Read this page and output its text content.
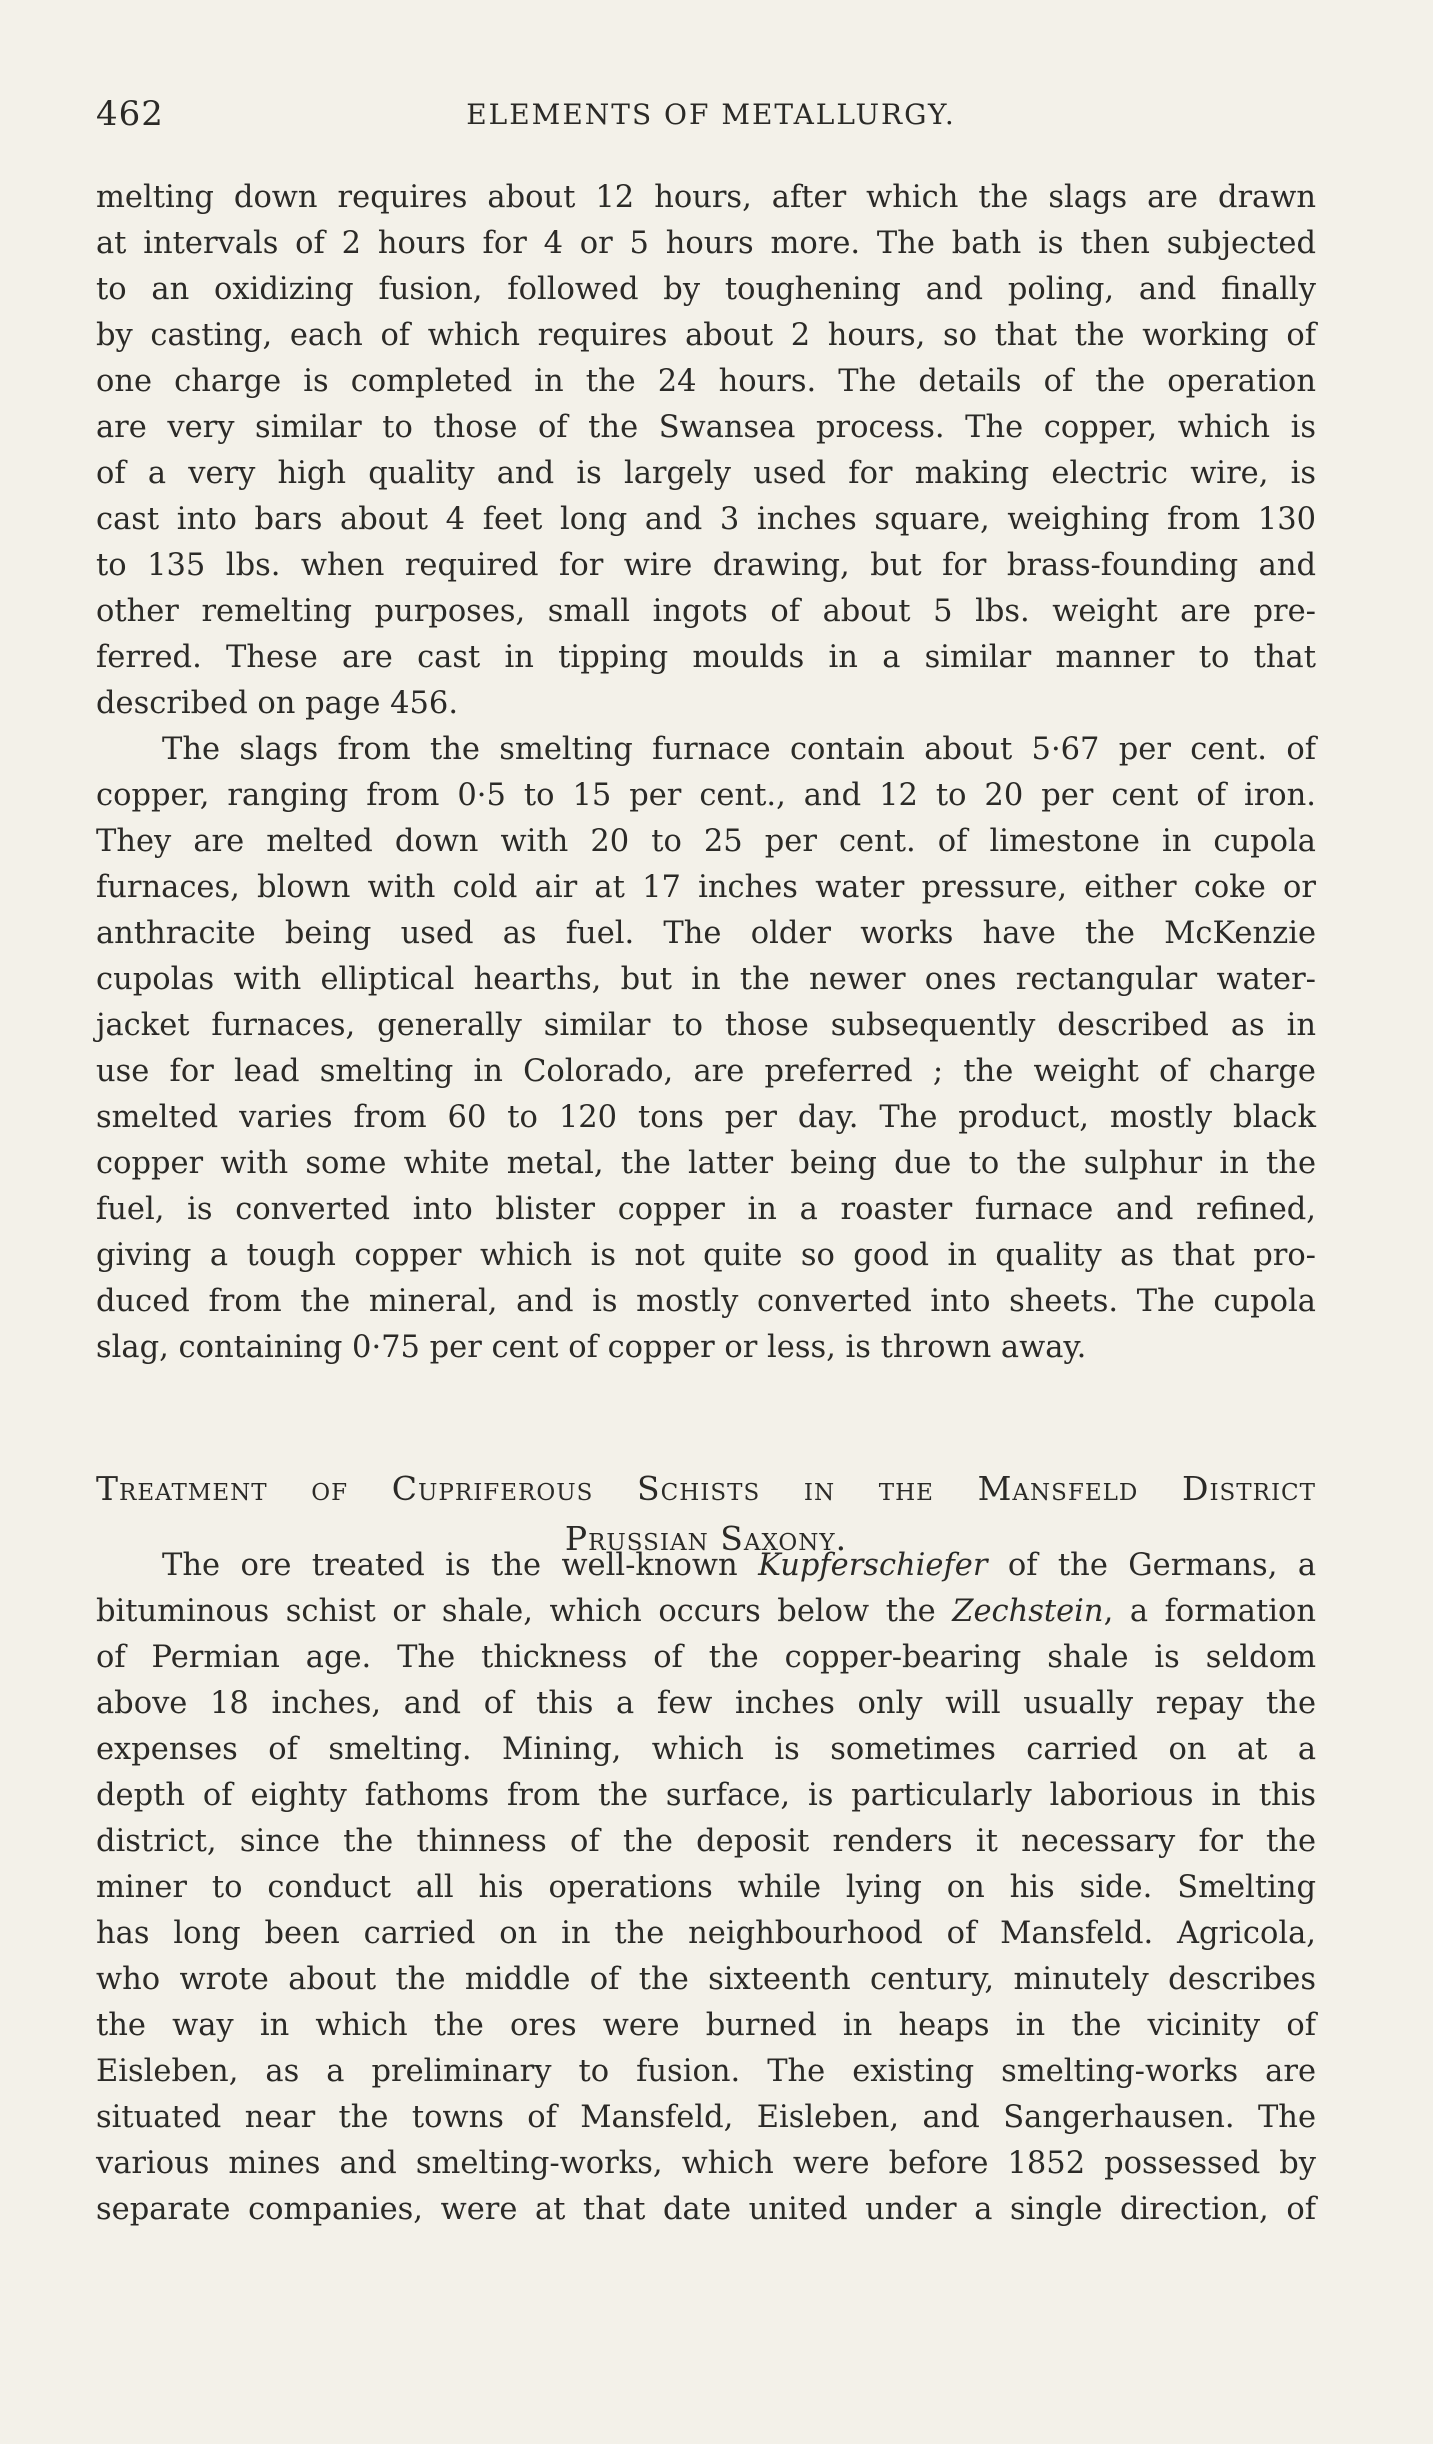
462	ELEMENTS OF METALLURGY.
melting down requires about 12 hours, after which the slags are drawn
at intervals of 2 hours for 4 or 5 hours more. The bath is then subjected
to an oxidizing fusion, followed by toughening and poling, and finally
by casting, each of which requires about 2 hours, so that the working of
one charge is completed in the 24 hours. The details of the operation
are very similar to those of the Swansea process. The copper, which is
of a very high quality and is largely used for making electric wire, is
cast into bars about 4 feet long and 3 inches square, weighing from 130
to 135 lbs. when required for wire drawing, but for brass-founding and
other remelting purposes, small ingots of about 5 lbs. weight are pre-
ferred. These are cast in tipping moulds in a similar manner to that
described on page 456.
The slags from the smelting furnace contain about 5·67 per cent. of
copper, ranging from 0·5 to 15 per cent., and 12 to 20 per cent of iron.
They are melted down with 20 to 25 per cent. of limestone in cupola
furnaces, blown with cold air at 17 inches water pressure, either coke or
anthracite being used as fuel. The older works have the McKenzie
cupolas with elliptical hearths, but in the newer ones rectangular water-
jacket furnaces, generally similar to those subsequently described as in
use for lead smelting in Colorado, are preferred ; the weight of charge
smelted varies from 60 to 120 tons per day. The product, mostly black
copper with some white metal, the latter being due to the sulphur in the
fuel, is converted into blister copper in a roaster furnace and refined,
giving a tough copper which is not quite so good in quality as that pro-
duced from the mineral, and is mostly converted into sheets. The cupola
slag, containing 0·75 per cent of copper or less, is thrown away.
Treatment of Cupriferous Schists in the Mansfeld District
Prussian Saxony.
The ore treated is the well-known Kupferschiefer of the Germans, a
bituminous schist or shale, which occurs below the Zechstein, a formation
of Permian age. The thickness of the copper-bearing shale is seldom
above 18 inches, and of this a few inches only will usually repay the
expenses of smelting. Mining, which is sometimes carried on at a
depth of eighty fathoms from the surface, is particularly laborious in this
district, since the thinness of the deposit renders it necessary for the
miner to conduct all his operations while lying on his side. Smelting
has long been carried on in the neighbourhood of Mansfeld. Agricola,
who wrote about the middle of the sixteenth century, minutely describes
the way in which the ores were burned in heaps in the vicinity of
Eisleben, as a preliminary to fusion. The existing smelting-works are
situated near the towns of Mansfeld, Eisleben, and Sangerhausen. The
various mines and smelting-works, which were before 1852 possessed by
separate companies, were at that date united under a single direction, of
